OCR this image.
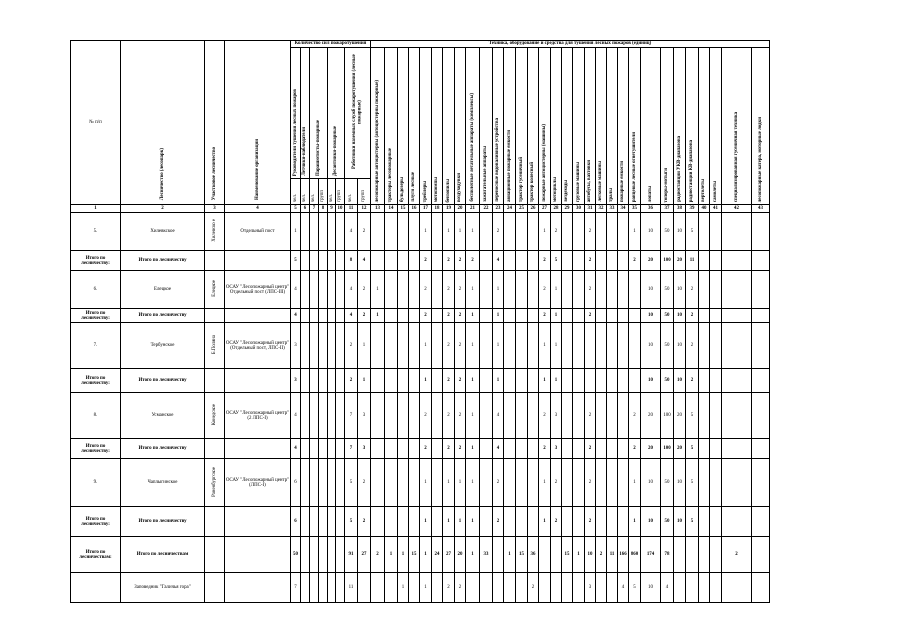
№ п/п	Лесничество (лесопарк)	Участковое лесничество	Наименование организации	Количество сил пожаротушения								Техника, оборудование и средства для тушения лесных пожаров (единиц)																														
				Руководители тушения лесных пожаров	Летчики-наблюдатели	Парашютисты-пожарные		Десантники-пожарные		Работники наземных служб пожаротушения (лесные пожарные)		лесопожарные автоцистерны (автоцистерны пожарные)	тракторы лесопожарные	бульдозеры	плуги лесные	трейлеры	мотопомпы	бензопилы	воздуходувки	беспилотные летательные аппараты (комплексы)	зажигательные аппараты	переносные водоналивные устройства	авиационные пожарные емкости	трактор гусеничный	трактор колесный	пожарные автоцистерны (машины)	мотоциклы	вездеходы	грузовые машины	автобусы, вахтовки	легковые машины	тралы	пожарные емкости	ранцевые лесные огнетушители	лопаты	топоры-мотыги	радиостанции УКВ-диапазона	радиостанции КВ-диапазона	вертолеты	самолеты	специализированная гусеничная техника	лесопожарные катера, моторные лодки
				чел.	чел.	чел.	групп	чел.	групп	чел.	групп																															
1	2	3	4	5	6	7	8	9	10	11	12	13	14	15	16	17	18	19	20	21	22	23	24	25	26	27	28	29	30	31	32	33	34	35	36	37	38	39	40	41	42	43
5.	Хилевкское	Хилевско е	Отдельный пост	1						4	2					1		1	1	1		2				1	2			2				1	10	50	10	5				
Итого по лесничеству:	Итого по лесничеству			5						8	4					2		2	2	2		4				2	5			2				2	20	100	20	11				
6.	Елецкое	Елецкое	ОСАУ "Лесопожарный центр" Отдельный пост (ЛПС-III)	4						4	2	1				2		2	2	1		1				2	1			2					10	50	10	2				
Итого по лесничеству:	Итого по лесничеству			4						4	2	1				2		2	2	1		1				2	1			2					10	50	10	2				
7.	Тербунское	Б.Поляна	ОСАУ "Лесопожарный центр" (Отдельный пост, ЛПС-II)	3						2	1					1		2	2	1		1				1	1								10	50	10	2				
Итого по лесничеству:	Итого по лесничеству			3						2	1					1		2	2	1		1				1	1								10	50	10	2				
8.	Усманское	Конедское	ОСАУ "Лесопожарный центр" (2 ЛПС-I)	4						7	3					2		2	2	1		4				2	3			2				2	20	100	20	5				
Итого по лесничеству:	Итого по лесничеству			4						7	3					2		2	2	1		4				2	3			2				2	20	100	20	5				
9.	Чаплыгинское	Раненбургское	ОСАУ "Лесопожарный центр" (ЛПС-I)	6						5	2					1		1	1	1		2				1	2			2				1	10	50	10	5				
Итого по лесничеству:	Итого по лесничеству			6						5	2					1		1	1	1		2				1	2			2				1	10	50	10	5				
Итого по лесничествам:	Итого по лесничествам			50						91	27	2	1	1	15	1	24	27	20	1	33		1	15	36			15	1	10	2	11	166	860	174	78					2	
	Заповедник "Галичья гора"			7						11				1		1		2	2						2					3			4	5	10	4						
